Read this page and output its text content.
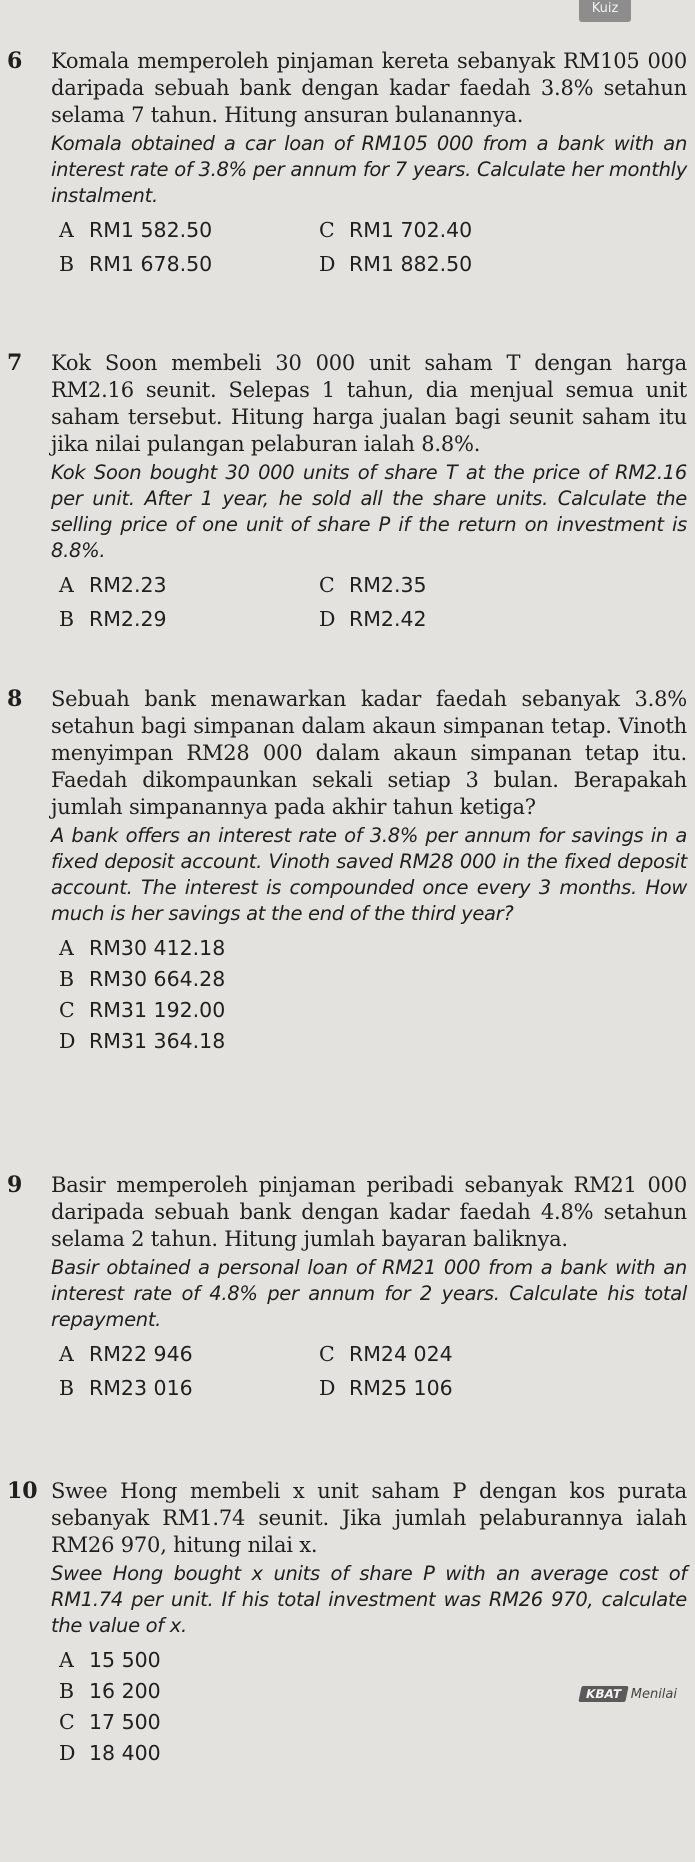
Kuiz
6 Komala memperoleh pinjaman kereta sebanyak RM105 000 daripada sebuah bank dengan kadar faedah 3.8% setahun selama 7 tahun. Hitung ansuran bulanannya.
Komala obtained a car loan of RM105 000 from a bank with an interest rate of 3.8% per annum for 7 years. Calculate her monthly instalment.
A RM1 582.50	C RM1 702.40
B RM1 678.50	D RM1 882.50
7 Kok Soon membeli 30 000 unit saham T dengan harga RM2.16 seunit. Selepas 1 tahun, dia menjual semua unit saham tersebut. Hitung harga jualan bagi seunit saham itu jika nilai pulangan pelaburan ialah 8.8%.
Kok Soon bought 30 000 units of share T at the price of RM2.16 per unit. After 1 year, he sold all the share units. Calculate the selling price of one unit of share P if the return on investment is 8.8%.
A RM2.23	C RM2.35
B RM2.29	D RM2.42
8 Sebuah bank menawarkan kadar faedah sebanyak 3.8% setahun bagi simpanan dalam akaun simpanan tetap. Vinoth menyimpan RM28 000 dalam akaun simpanan tetap itu. Faedah dikompaunkan sekali setiap 3 bulan. Berapakah jumlah simpanannya pada akhir tahun ketiga?
A bank offers an interest rate of 3.8% per annum for savings in a fixed deposit account. Vinoth saved RM28 000 in the fixed deposit account. The interest is compounded once every 3 months. How much is her savings at the end of the third year?
A RM30 412.18
B RM30 664.28
C RM31 192.00
D RM31 364.18
9 Basir memperoleh pinjaman peribadi sebanyak RM21 000 daripada sebuah bank dengan kadar faedah 4.8% setahun selama 2 tahun. Hitung jumlah bayaran baliknya.
Basir obtained a personal loan of RM21 000 from a bank with an interest rate of 4.8% per annum for 2 years. Calculate his total repayment.
A RM22 946	C RM24 024
B RM23 016	D RM25 106
10 Swee Hong membeli x unit saham P dengan kos purata sebanyak RM1.74 seunit. Jika jumlah pelaburannya ialah RM26 970, hitung nilai x.
Swee Hong bought x units of share P with an average cost of RM1.74 per unit. If his total investment was RM26 970, calculate the value of x.
KBAT Menilai
A 15 500
B 16 200
C 17 500
D 18 400
